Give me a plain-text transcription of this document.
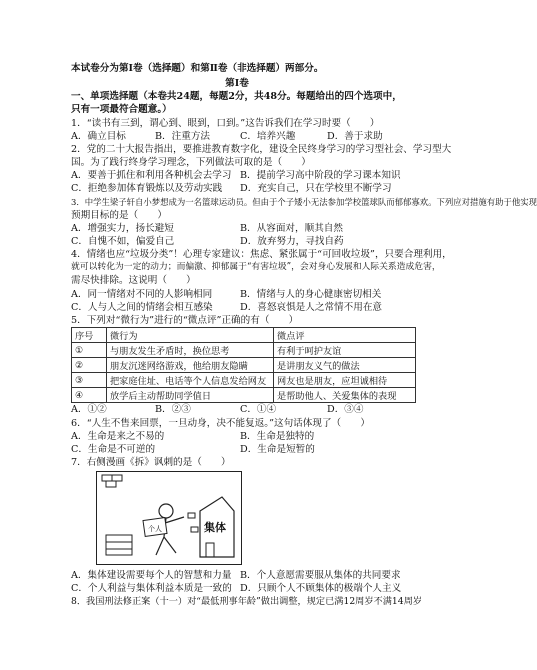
本试卷分为第Ⅰ卷（选择题）和第Ⅱ卷（非选择题）两部分。
第Ⅰ卷
一、单项选择题（本卷共24题，每题2分，共48分。每题给出的四个选项中，
只有一项最符合题意。）
1．“读书有三到，谓心到、眼到，口到。”这告诉我们在学习时要（　　）
A．确立目标	B．注重方法	C．培养兴趣	D．善于求助
2．党的二十大报告指出，要推进教育数字化，建设全民终身学习的学习型社会、学习型大
国。为了践行终身学习理念，下列做法可取的是（　　）
A．要善于抓住和利用各种机会去学习 B．提前学习高中阶段的学习课本知识
C．拒绝参加体育锻炼以及劳动实践 D．充实自己，只在学校里不断学习
3．中学生梁子轩自小梦想成为一名篮球运动员。但由于个子矮小无法参加学校篮球队而郁郁寡欢。下列应对措施有助于他实现
预期目标的是（　　）
A．增强实力，扬长避短	B．从容面对，顺其自然
C．自愧不如，偏爱自己	D．放弃努力，寻找自药
4．情绪也应“垃圾分类”！心理专家建议：焦虑、紧张属于“可回收垃圾”，只要合理利用，
就可以转化为一定的动力；而偏激、抑郁属于“有害垃圾”，会对身心发展和人际关系造成危害，
需尽快排除。这说明（　　）
A．同一情绪对不同的人影响相同	B．情绪与人的身心健康密切相关
C．人与人之间的情绪会相互感染	D．喜怒哀惧是人之常情不用在意
5．下列对“微行为”进行的“微点评”正确的有（　　）
序号	微行为	微点评
①	与朋友发生矛盾时，换位思考	有利于呵护友谊
②	朋友沉迷网络游戏，他给朋友隐瞒	是讲朋友义气的做法
③	把家庭住址、电话等个人信息发给网友	网友也是朋友，应坦诚相待
④	放学后主动帮助同学值日	是帮助他人、关爱集体的表现
A．①②	B．②③	C．①④	D．③④
6．“人生不售来回票，一旦动身，决不能复返。”这句话体现了（　　）
A．生命是来之不易的	B．生命是独特的
C．生命是不可逆的	D．生命是短暂的
7．右侧漫画《拆》讽刺的是（　　）
集体
个人
A．集体建设需要每个人的智慧和力量 B．个人意愿需要服从集体的共同要求
C．个人利益与集体利益本质是一致的 D．只顾个人不顾集体的极端个人主义
8．我国刑法修正案（十一）对“最低刑事年龄”做出调整，规定已满12周岁不满14周岁
